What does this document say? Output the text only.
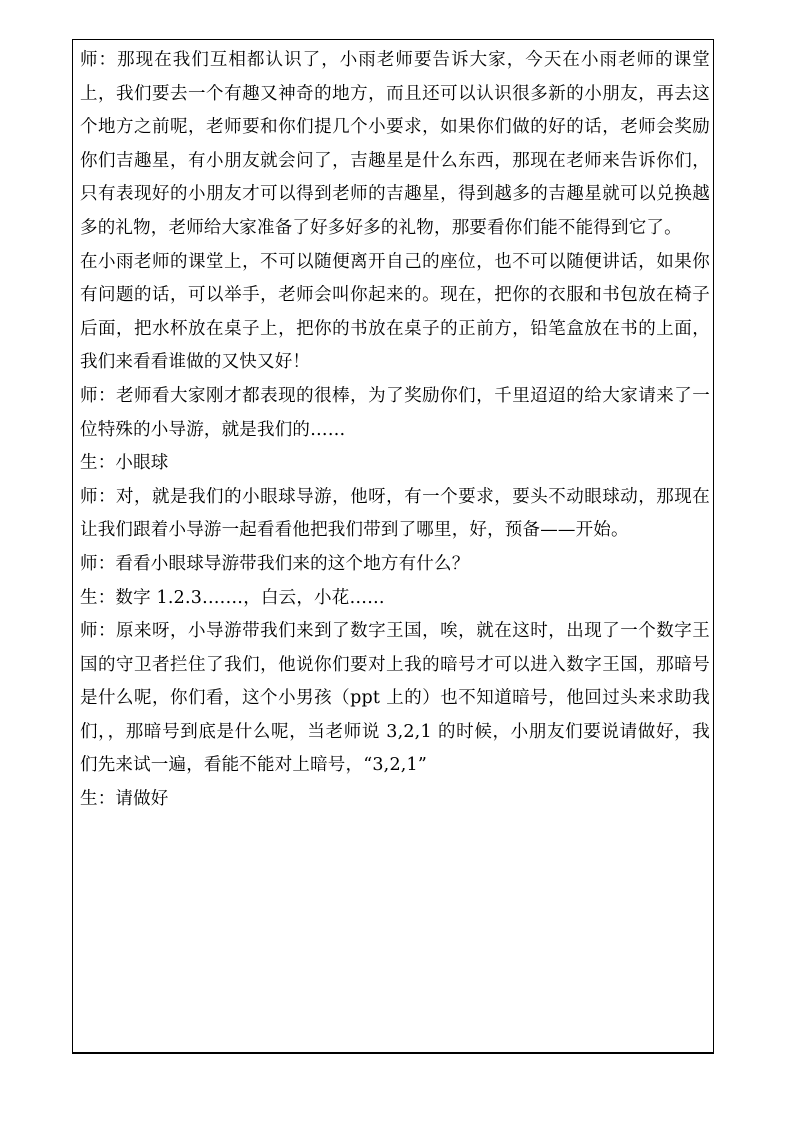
师：那现在我们互相都认识了，小雨老师要告诉大家，今天在小雨老师的课堂上，我们要去一个有趣又神奇的地方，而且还可以认识很多新的小朋友，再去这个地方之前呢，老师要和你们提几个小要求，如果你们做的好的话，老师会奖励你们吉趣星，有小朋友就会问了，吉趣星是什么东西，那现在老师来告诉你们，只有表现好的小朋友才可以得到老师的吉趣星，得到越多的吉趣星就可以兑换越多的礼物，老师给大家准备了好多好多的礼物，那要看你们能不能得到它了。

在小雨老师的课堂上，不可以随便离开自己的座位，也不可以随便讲话，如果你有问题的话，可以举手，老师会叫你起来的。现在，把你的衣服和书包放在椅子后面，把水杯放在桌子上，把你的书放在桌子的正前方，铅笔盒放在书的上面，我们来看看谁做的又快又好！

师：老师看大家刚才都表现的很棒，为了奖励你们，千里迢迢的给大家请来了一位特殊的小导游，就是我们的……

生：小眼球

师：对，就是我们的小眼球导游，他呀，有一个要求，要头不动眼球动，那现在让我们跟着小导游一起看看他把我们带到了哪里，好，预备——开始。

师：看看小眼球导游带我们来的这个地方有什么？

生：数字 1.2.3.……，白云，小花……

师：原来呀，小导游带我们来到了数字王国，唉，就在这时，出现了一个数字王国的守卫者拦住了我们，他说你们要对上我的暗号才可以进入数字王国，那暗号是什么呢，你们看，这个小男孩（ppt 上的）也不知道暗号，他回过头来求助我们，，那暗号到底是什么呢，当老师说 3,2,1 的时候，小朋友们要说请做好，我们先来试一遍，看能不能对上暗号，“3,2,1”

生：请做好
